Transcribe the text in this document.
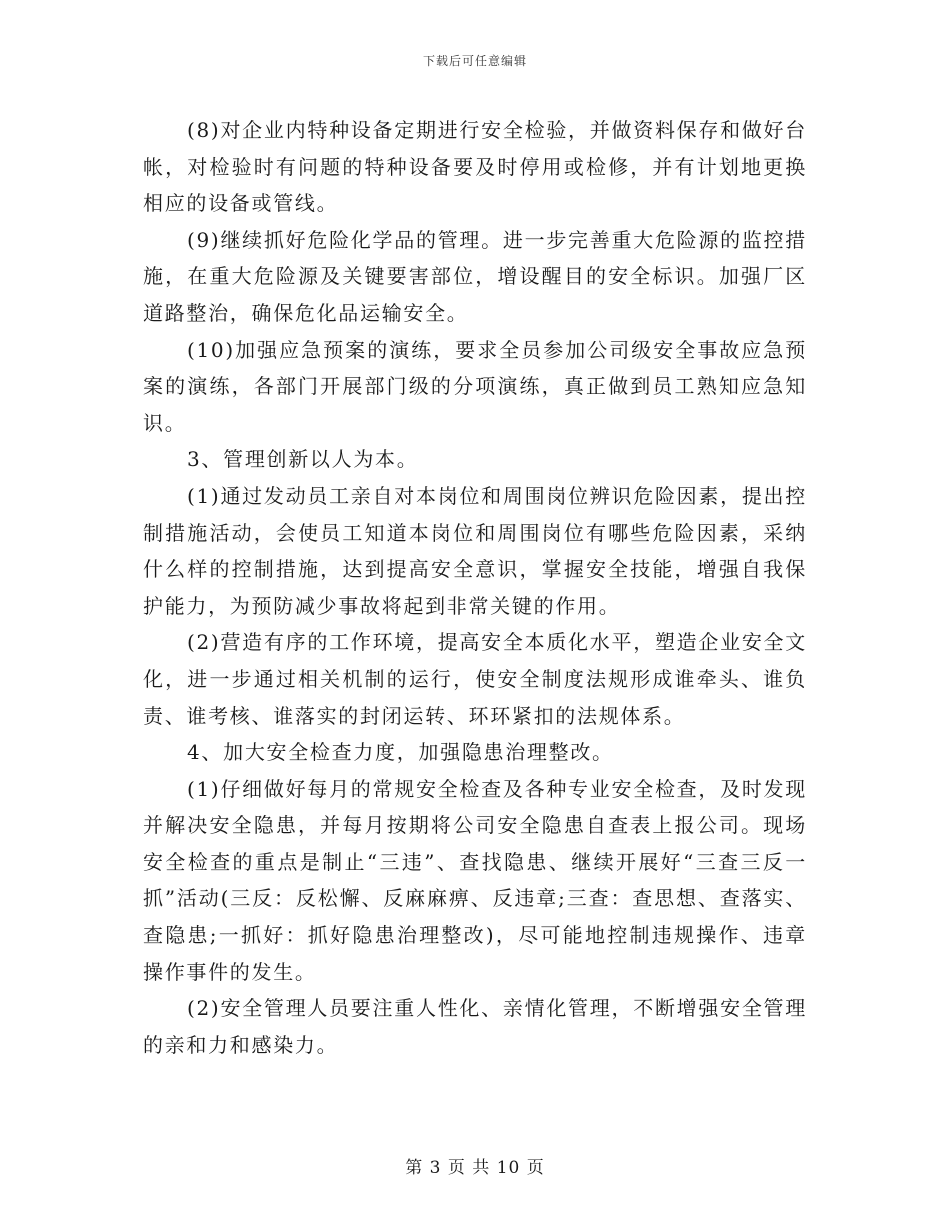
下载后可任意编辑

(8)对企业内特种设备定期进行安全检验，并做资料保存和做好台帐，对检验时有问题的特种设备要及时停用或检修，并有计划地更换相应的设备或管线。

(9)继续抓好危险化学品的管理。进一步完善重大危险源的监控措施，在重大危险源及关键要害部位，增设醒目的安全标识。加强厂区道路整治，确保危化品运输安全。

(10)加强应急预案的演练，要求全员参加公司级安全事故应急预案的演练，各部门开展部门级的分项演练，真正做到员工熟知应急知识。

3、管理创新以人为本。

(1)通过发动员工亲自对本岗位和周围岗位辨识危险因素，提出控制措施活动，会使员工知道本岗位和周围岗位有哪些危险因素，采纳什么样的控制措施，达到提高安全意识，掌握安全技能，增强自我保护能力，为预防减少事故将起到非常关键的作用。

(2)营造有序的工作环境，提高安全本质化水平，塑造企业安全文化，进一步通过相关机制的运行，使安全制度法规形成谁牵头、谁负责、谁考核、谁落实的封闭运转、环环紧扣的法规体系。

4、加大安全检查力度，加强隐患治理整改。

(1)仔细做好每月的常规安全检查及各种专业安全检查，及时发现并解决安全隐患，并每月按期将公司安全隐患自查表上报公司。现场安全检查的重点是制止“三违”、查找隐患、继续开展好“三查三反一抓”活动(三反：反松懈、反麻麻痹、反违章;三查：查思想、查落实、查隐患;一抓好：抓好隐患治理整改)，尽可能地控制违规操作、违章操作事件的发生。

(2)安全管理人员要注重人性化、亲情化管理，不断增强安全管理的亲和力和感染力。

第 3 页 共 10 页
